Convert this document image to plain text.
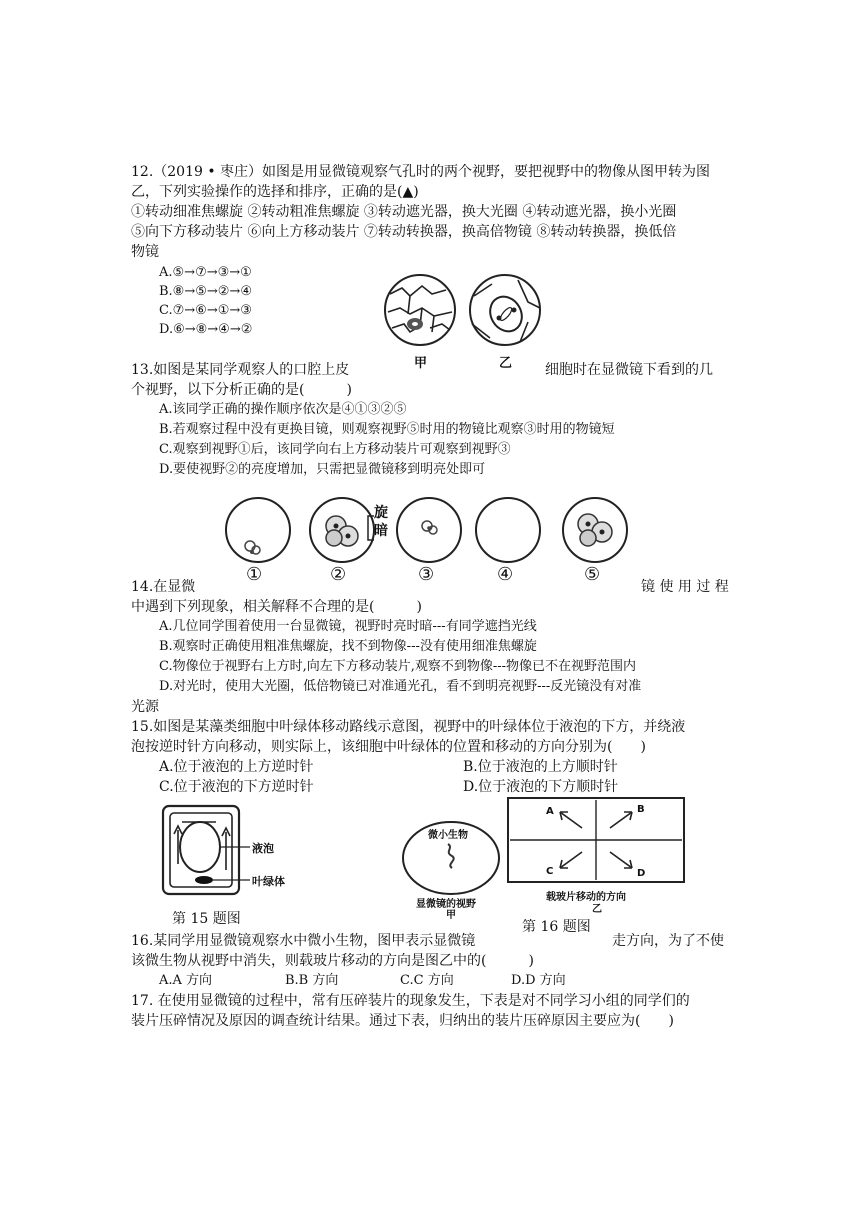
12.（2019 • 枣庄）如图是用显微镜观察气孔时的两个视野，要把视野中的物像从图甲转为图
乙，下列实验操作的选择和排序，正确的是(▲)
①转动细准焦螺旋 ②转动粗准焦螺旋 ③转动遮光器，换大光圈 ④转动遮光器，换小光圈
⑤向下方移动装片 ⑥向上方移动装片 ⑦转动转换器，换高倍物镜 ⑧转动转换器，换低倍
物镜
A.⑤→⑦→③→①
B.⑧→⑤→②→④
C.⑦→⑥→①→③
D.⑥→⑧→④→②
甲	乙
13.如图是某同学观察人的口腔上皮	细胞时在显微镜下看到的几
个视野，以下分析正确的是(　　　)
A.该同学正确的操作顺序依次是④①③②⑤
B.若观察过程中没有更换目镜，则观察视野⑤时用的物镜比观察③时用的物镜短
C.观察到视野①后，该同学向右上方移动装片可观察到视野③
D.要使视野②的亮度增加，只需把显微镜移到明亮处即可
旋
暗
①	②	③	④	⑤
14.在显微	镜 使 用 过 程
中遇到下列现象，相关解释不合理的是(　　　)
A.几位同学围着使用一台显微镜，视野时亮时暗---有同学遮挡光线
B.观察时正确使用粗准焦螺旋，找不到物像---没有使用细准焦螺旋
C.物像位于视野右上方时,向左下方移动装片,观察不到物像---物像已不在视野范围内
D.对光时，使用大光圈，低倍物镜已对准通光孔，看不到明亮视野---反光镜没有对准
光源
15.如图是某藻类细胞中叶绿体移动路线示意图，视野中的叶绿体位于液泡的下方，并绕液
泡按逆时针方向移动，则实际上，该细胞中叶绿体的位置和移动的方向分别为(　　)
A.位于液泡的上方逆时针	B.位于液泡的上方顺时针
C.位于液泡的下方逆时针	D.位于液泡的下方顺时针
液泡
叶绿体
第 15 题图
微小生物
显微镜的视野
甲
A	B
C	D
载玻片移动的方向
乙
第 16 题图
16.某同学用显微镜观察水中微小生物，图甲表示显微镜	走方向，为了不使
该微生物从视野中消失，则载玻片移动的方向是图乙中的(　　　)
A.A 方向	B.B 方向	C.C 方向	D.D 方向
17. 在使用显微镜的过程中，常有压碎装片的现象发生，下表是对不同学习小组的同学们的
装片压碎情况及原因的调查统计结果。通过下表，归纳出的装片压碎原因主要应为(　　)
